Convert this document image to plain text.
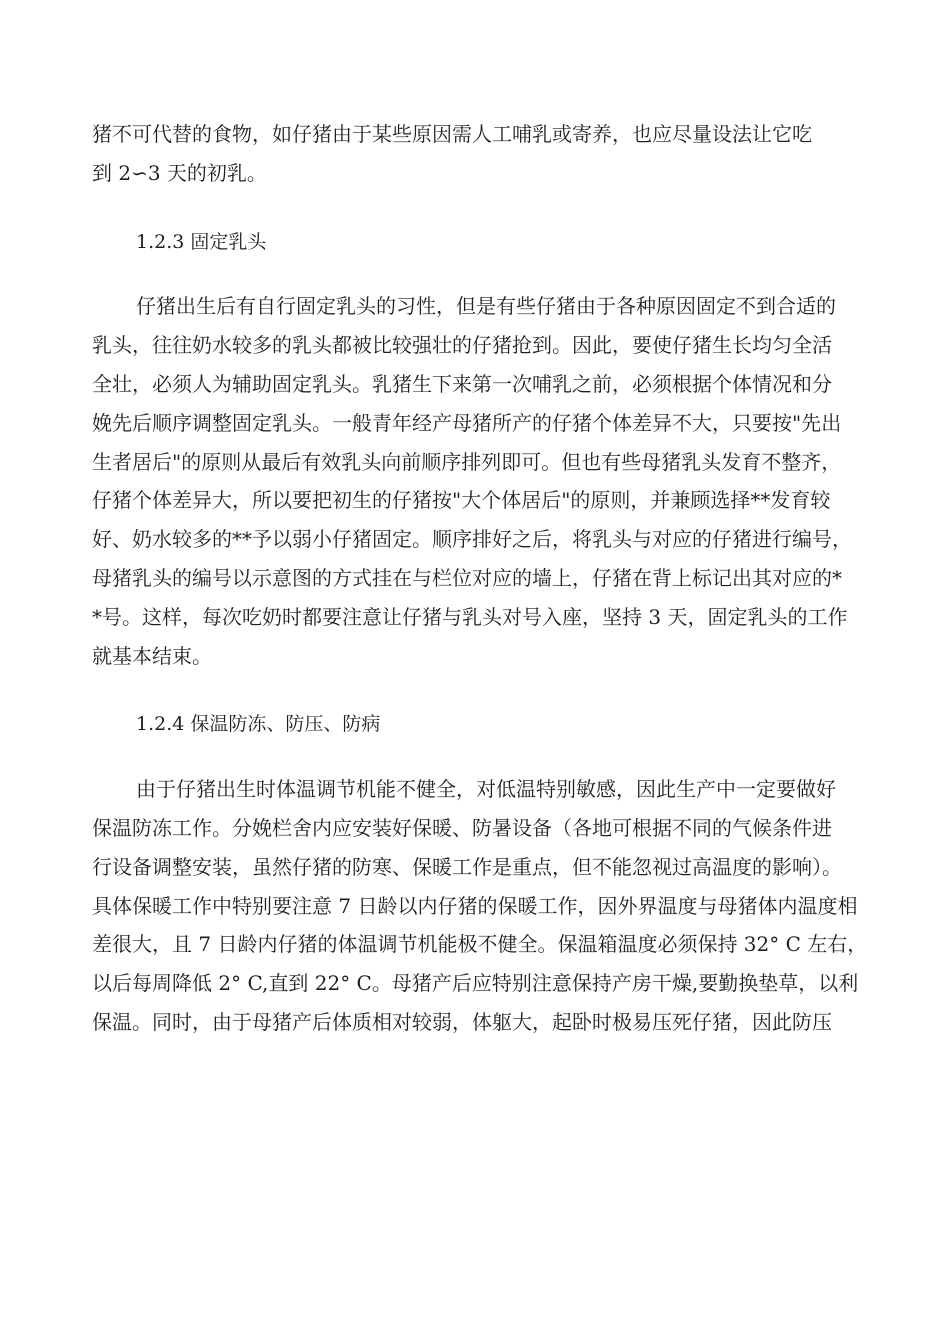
猪不可代替的食物，如仔猪由于某些原因需人工哺乳或寄养，也应尽量设法让它吃
到 2∽3 天的初乳。
1.2.3 固定乳头
仔猪出生后有自行固定乳头的习性，但是有些仔猪由于各种原因固定不到合适的
乳头，往往奶水较多的乳头都被比较强壮的仔猪抢到。因此，要使仔猪生长均匀全活
全壮，必须人为辅助固定乳头。乳猪生下来第一次哺乳之前，必须根据个体情况和分
娩先后顺序调整固定乳头。一般青年经产母猪所产的仔猪个体差异不大，只要按"先出
生者居后"的原则从最后有效乳头向前顺序排列即可。但也有些母猪乳头发育不整齐，
仔猪个体差异大，所以要把初生的仔猪按"大个体居后"的原则，并兼顾选择**发育较
好、奶水较多的**予以弱小仔猪固定。顺序排好之后，将乳头与对应的仔猪进行编号，
母猪乳头的编号以示意图的方式挂在与栏位对应的墙上，仔猪在背上标记出其对应的*
*号。这样，每次吃奶时都要注意让仔猪与乳头对号入座，坚持 3 天，固定乳头的工作
就基本结束。
1.2.4 保温防冻、防压、防病
由于仔猪出生时体温调节机能不健全，对低温特别敏感，因此生产中一定要做好
保温防冻工作。分娩栏舍内应安装好保暖、防暑设备（各地可根据不同的气候条件进
行设备调整安装，虽然仔猪的防寒、保暖工作是重点，但不能忽视过高温度的影响）。
具体保暖工作中特别要注意 7 日龄以内仔猪的保暖工作，因外界温度与母猪体内温度相
差很大，且 7 日龄内仔猪的体温调节机能极不健全。保温箱温度必须保持 32° C 左右，
以后每周降低 2° C,直到 22° C。母猪产后应特别注意保持产房干燥,要勤换垫草，以利
保温。同时，由于母猪产后体质相对较弱，体躯大，起卧时极易压死仔猪，因此防压
